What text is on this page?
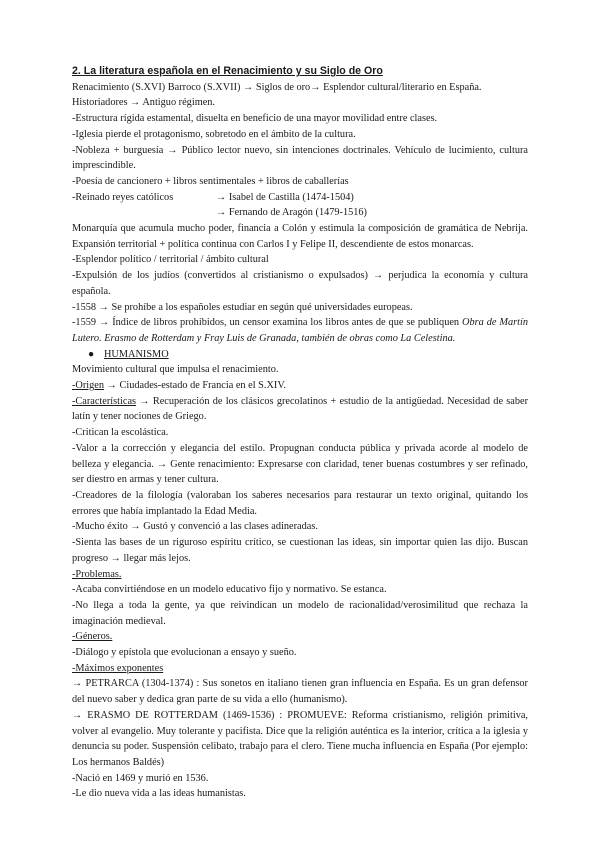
2. La literatura española en el Renacimiento y su Siglo de Oro
Renacimiento (S.XVI) Barroco (S.XVII) → Siglos de oro→ Esplendor cultural/literario en España.
Historiadores → Antiguo régimen.
-Estructura rígida estamental, disuelta en beneficio de una mayor movilidad entre clases.
-Iglesia pierde el protagonismo, sobretodo en el ámbito de la cultura.
-Nobleza + burguesía → Público lector nuevo, sin intenciones doctrinales. Vehículo de lucimiento, cultura imprescindible.
-Poesía de cancionero + libros sentimentales + libros de caballerías
-Reinado reyes católicos	→ Isabel de Castilla (1474-1504)
→ Fernando de Aragón (1479-1516)
Monarquía que acumula mucho poder, financia a Colón y estimula la composición de gramática de Nebrija. Expansión territorial + política continua con Carlos I y Felipe II, descendiente de estos monarcas.
-Esplendor político / territorial / ámbito cultural
-Expulsión de los judíos (convertidos al cristianismo o expulsados) → perjudica la economía y cultura española.
-1558 → Se prohíbe a los españoles estudiar en según qué universidades europeas.
-1559 → Índice de libros prohibidos, un censor examina los libros antes de que se publiquen Obra de Martín Lutero. Erasmo de Rotterdam y Fray Luis de Granada, también de obras como La Celestina.
● HUMANISMO
Movimiento cultural que impulsa el renacimiento.
-Origen → Ciudades-estado de Francia en el S.XIV.
-Características → Recuperación de los clásicos grecolatinos + estudio de la antigüedad. Necesidad de saber latín y tener nociones de Griego.
-Critican la escolástica.
-Valor a la corrección y elegancia del estilo. Propugnan conducta pública y privada acorde al modelo de belleza y elegancia. → Gente renacimiento: Expresarse con claridad, tener buenas costumbres y ser refinado, ser diestro en armas y tener cultura.
-Creadores de la filología (valoraban los saberes necesarios para restaurar un texto original, quitando los errores que había implantado la Edad Media.
-Mucho éxito → Gustó y convenció a las clases adineradas.
-Sienta las bases de un riguroso espíritu crítico, se cuestionan las ideas, sin importar quien las dijo. Buscan progreso → llegar más lejos.
-Problemas.
-Acaba convirtiéndose en un modelo educativo fijo y normativo. Se estanca.
-No llega a toda la gente, ya que reivindican un modelo de racionalidad/verosimilitud que rechaza la imaginación medieval.
-Géneros.
-Diálogo y epístola que evolucionan a ensayo y sueño.
-Máximos exponentes
→ PETRARCA (1304-1374) : Sus sonetos en italiano tienen gran influencia en España. Es un gran defensor del nuevo saber y dedica gran parte de su vida a ello (humanismo).
→ ERASMO DE ROTTERDAM (1469-1536) : PROMUEVE: Reforma cristianismo, religión primitiva, volver al evangelio. Muy tolerante y pacifista. Dice que la religión auténtica es la interior, crítica a la iglesia y denuncia su poder. Suspensión celibato, trabajo para el clero. Tiene mucha influencia en España (Por ejemplo: Los hermanos Baldés)
-Nació en 1469 y murió en 1536.
-Le dio nueva vida a las ideas humanistas.
